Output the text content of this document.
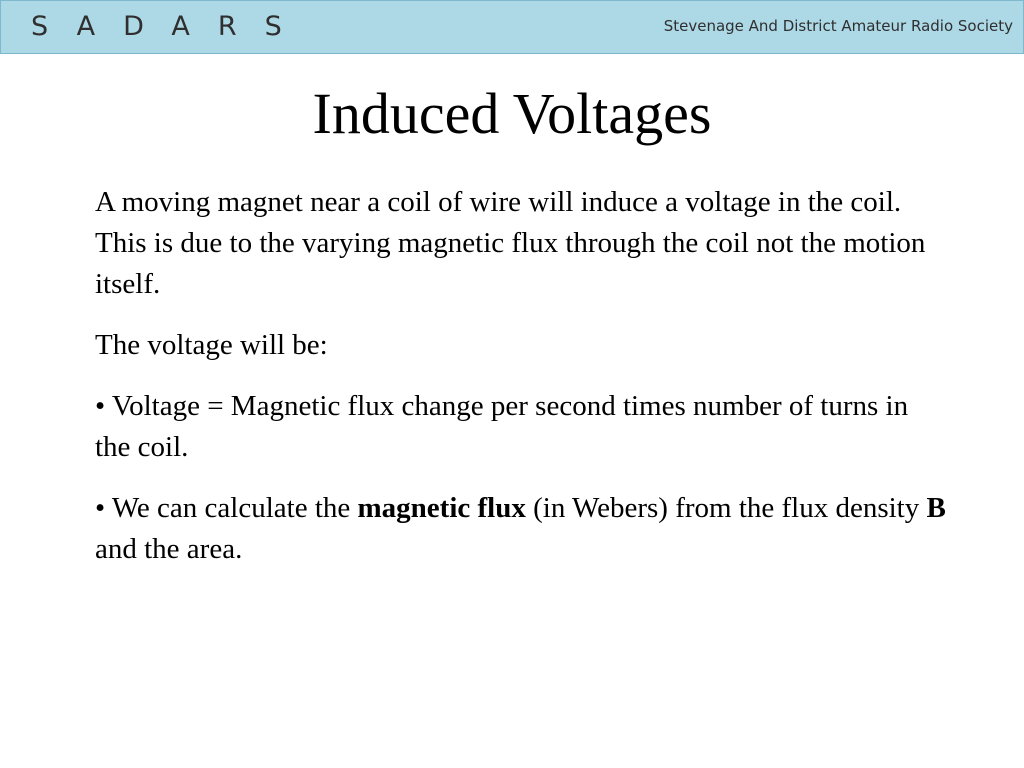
SADARS	Stevenage And District Amateur Radio Society
Induced Voltages

A moving magnet near a coil of wire will induce a voltage in the coil. This is due to the varying magnetic flux through the coil not the motion itself.

The voltage will be:

• Voltage = Magnetic flux change per second times number of turns in the coil.

• We can calculate the magnetic flux (in Webers) from the flux density B and the area.
